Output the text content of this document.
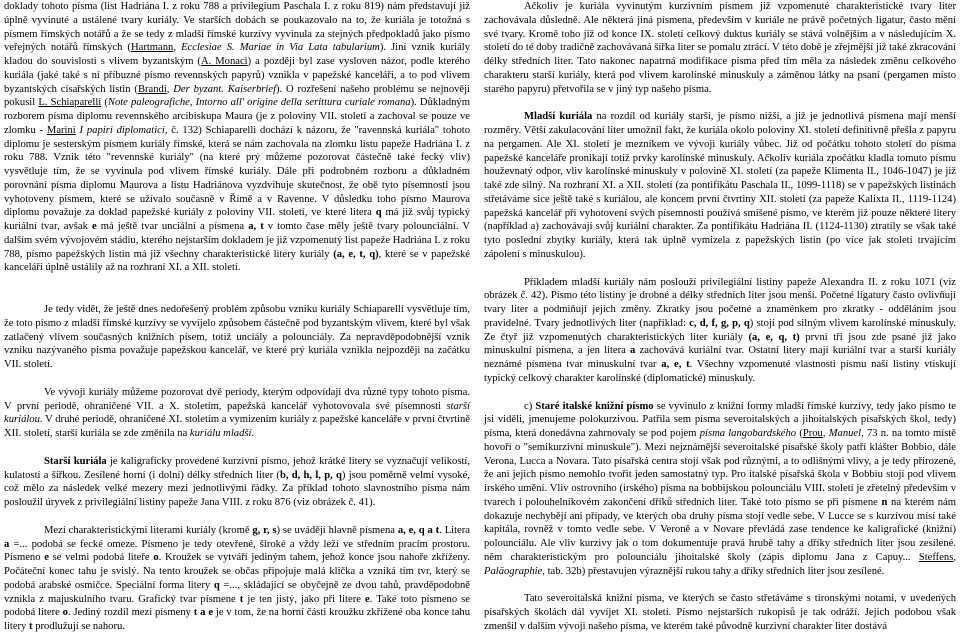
doklady tohoto písma (list Hadriána I. z roku 788 a privilegium Paschala I. z roku 819) nám představují již úplně vyvinuté a ustálené tvary kuriály. Ve starších dobách se poukazovalo na to, že kuriála je totožná s písmem římských notářů a že se tedy z mladší římské kurzívy vyvinula za stejných předpokladů jako písmo veřejných notářů římských (Hartmann, Ecclesiae S. Mariae in Via Lata tabularium). Jiní vznik kuriály kladou do souvislosti s vlivem byzantským (A. Monaci) a později byl zase vysloven názor, podle kterého kuriála (jaké také s ní příbuzné písmo revennských papyrů) vznikla v papežské kanceláři, a to pod vlivem byzantských císařských listin (Brandi, Der byzant. Kaiserbrief). O rozřešení našeho problému se nejnověji pokusil L. Schiaparelli (Note paleografiche, Intorno all' origine della serittura curiale romana). Důkladným rozborem písma diplomu revennského arcibiskupa Maura (je z poloviny VII. století a zachoval se pouze ve zlomku - Marini I papiri diplomatici, č. 132) Schiaparelli dochází k názoru, že "ravennská kuriála" tohoto diplomu je sesterským písmem kuriály římské, která se nám zachovala na zlomku listu papeže Hadriána I. z roku 788. Vznik této "revennské kuriály" (na které prý můžeme pozorovat částečně také fecký vliv) vysvětluje tím, že se vyvinula pod vlivem římské kuriály. Dále při podrobném rozboru a důkladném porovnání písma diplomu Maurova a listu Hadriánova vyzdvihuje skutečnost, že obě tyto písemnosti jsou vyhotoveny písmem, které se užívalo současně v Římě a v Ravenne. V důsledku toho písmo Maurova diplomu považuje za doklad papežské kuriály z poloviny VII. století, ve které litera q má již svůj typický kuriální tvar, avšak e má ještě tvar unciální a písmena a, t v tomto čase měly ještě tvary polounciální. V dalším svém vývojovém stádiu, kterého nejstarším dokladem je již vzpomenutý list papeže Hadriána I. z roku 788, písmo papežských listin má již všechny charakteristické litery kuriály (a, e, t, q), které se v papežské kanceláři úplně ustálily až na rozhraní XI. a XII. století.

Je tedy vidět, že ještě dnes nedořešený problém způsobu vzniku kuriály Schiaparelli vysvětluje tím, že toto písmo z mladší římské kurzívy se vyvíjelo způsobem částečně pod byzantským vlivem, které byl však zatlačený vlivem současných knižních písem, totiž unciály a polounciály. Za nepravděpodobnější vznik vzniku nazývaného písma považuje papežskou kancelář, ve které prý kuriála vznikla nejpozději na začátku VII. století.

Ve vývoji kuriály můžeme pozorovat dvě periody, kterým odpovídají dva různé typy tohoto písma. V první periodě, ohraničené VII. a X. stoletím, papežská kancelář vyhotovovala své písemnosti starší kuriálou. V druhé periodě, ohraničené XI. stoletím a vymizením kuriály z papežské kanceláře v první čtvrtině XII. století, starší kuriála se zde změnila na kuriálu mladší.

Starší kuriála je kaligraficky provedené kurzívní písmo, jehož krátké litery se vyznačují velikostí, kulatostí a šířkou. Zesílené horní (i dolní) délky středních liter (b, d, h, l, p, q) jsou poměrně velmi vysoké, což mělo za následek velké mezery mezi jednotlivými řádky. Za příklad tohoto slavnostního písma nám posloužil úryvek z privilegiální listiny papeže Jana VIII. z roku 876 (viz obrázek č. 41).

Mezi charakteristickými literami kuriály (kromě g, r, s) se uvádějí hlavně písmena a, e, q a t. Litera a =... podobá se fecké omeze. Písmeno je tedy otevřené, široké a vždy leží ve středním pracím prostoru. Písmeno e se velmi podobá liteře o. Kroužek se vytváří jediným tahem, jehož konce jsou nahoře zkříženy. Počáteční konec tahu je svislý. Na tento kroužek se občas připojuje malá klička a vzniká tím tvr, který se podobá arabské osmičce. Speciální forma litery q =..., skládající se obyčejně ze dvou tahů, pravděpodobně vznikla z majuskulního tvaru. Grafický tvar písmene t je ten jistý, jako při litere e. Také toto písmeno se podobá litere o. Jediný rozdíl mezi písmeny t a e je v tom, že na horní části kroužku zkřížené oba konce tahu litery t prodlužují se nahoru.

Ačkoliv je kuriála vyvinutým kurzivním písmem již vzpomenuté charakteristické tvary liter zachovávala důsledně. Ale některá jiná písmena, především v kuriále ne právě početných ligatur, často mění své tvary. Kromě toho již od konce IX. století celkový duktus kuriály se stává volnějším a v následujícím X. století do té doby tradičně zachovávaná šířka liter se pomalu ztrácí. V této době je zřejmější již také zkracování délky středních liter. Tato nakonec napatrná modifikace písma před tím měla za následek změnu celkového charakteru starší kuriály, která pod vlivem karolínské minuskuly a záměnou látky na psaní (pergamen místo starého papyru) přetvořila se v jiný typ našeho písma.

Mladší kuriála na rozdíl od kuriály starší, je písmo nižší, a již je jednotlivá písmena mají menší rozměry. Větší zakulacování liter umožnil fakt, že kuriála okolo poloviny XI. století definitivně přešla z papyru na pergamen. Ale XI. století je mezníkem ve vývoji kuriály vůbec. Již od počátku tohoto století do písma papežské kanceláře pronikají totiž prvky karolínské minuskuly. Ačkoliv kuriála zpočátku kladla tomuto písmu houževnatý odpor, vliv karolínské minuskuly v polovině XI. století (za papeže Klimenta II., 1046-1047) je již také zde silný. Na rozhraní XI. a XII. století (za pontifikátu Paschala II., 1099-1118) se v papežských listinách střetáváme sice ještě také s kuriálou, ale koncem první čtvrtiny XII. století (za papeže Kalixta II., 1119-1124) papežská kancelář při vyhotovení svých písemností používá smíšené písmo, ve kterém již pouze některé litery (například a) zachovávají svůj kuriální charakter. Za pontifikátu Hadriána II. (1124-1130) ztratily se však také tyto poslední zbytky kuriály, která tak úplně vymizela z papežských listin (po více jak století trvajícím zápolení s minuskulou).

Příkladem mladší kuriály nám poslouží privilegiální listiny papeže Alexandra II. z roku 1071 (viz obrázek č. 42). Písmo této listiny je drobné a délky středních liter jsou menší. Početné ligatury často ovlivňují tvary liter a podmiňují jejich změny. Zkratky jsou početné a znaménkem pro zkratky - odděláním jsou pravidelné. Tvary jednotlivých liter (například: c, d, f, g, p, q) stojí pod silným vlivem karolínské minuskuly. Ze čtyř již vzpomenutých charakteristických liter kuriály (a, e, q, t) první tři jsou zde psané již jako minuskulní písmena, a jen litera a zachovává kuriální tvar. Ostatní litery mají kuriální tvar a starší kuriály neznámé písmena tvar minuskulní tvar a, e, t. Všechny vzpomenuté vlastnosti písmu naší listiny vtiskují typický celkový charakter karolínské (diplomatické) minuskuly.

c) Staré italské knižní písmo se vyvinulo z knižní formy mladší římské kurzívy, tedy jako písmo te jsi viděli, jmenujeme polokurzivou. Patřila sem písma severoitalských a jihoitalských písařských škol, tedy) písma, která donedávna zahrnovaly se pod pojem písma langobardského (Prou, Manuel, 73 n. na tomto místě hovoří o "semikurzivní minuskule"). Mezi nejznámější severoitalské písařské školy patří klášter Bobbio, dále Verona, Lucca a Novara. Tato písařská centra stojí však pod různými, a to odlišnými vlivy, a je tedy přirozené, že ani jejich písmo nemohlo tvořit jeden samostatný typ. Pro italské písařská škola v Bobbiu stojí pod vlivem irského umění. Vliv ostrovního (irského) písma na bobbijskou polounciálu VIII. století je zřetelný především v tvarech i polouhelníkovém zakončení dříků středních liter. Také toto písmo se při písmene n na kterém nám dokazuje nechybějí ani případy, ve kterých oba druhy písma stojí vedle sebe. V Lucce se s kurzívou mísí také kapitála, rovněž v tomto vedle sebe. V Veroně a v Novare převládá zase tendence ke kaligrafické (knižní) polounciálu. Ale vliv kurzivy jak o tom dokumentuje pravá hrubě tahy a dříky středních liter jsou zesílené. něm charakteristickým pro polounciálu jihoitalské školy (zápis diplomu Jana z Capuy... Steffens, Paläographie, tab. 32b) přestavujen výraznější rukou tahy a dříky středních liter jsou zesílené.

Tato severoitalská knižní písma, ve kterých se často střetáváme s tironskými notami, v uvedených písařských školách dál vyvíjet XI. století. Písmo nejstarších rukopisů je tak odráží. Jejich podobou však zmenšil v dalším vývoji našeho písma, ve kterém také původně kurzivní charakter liter dostává
